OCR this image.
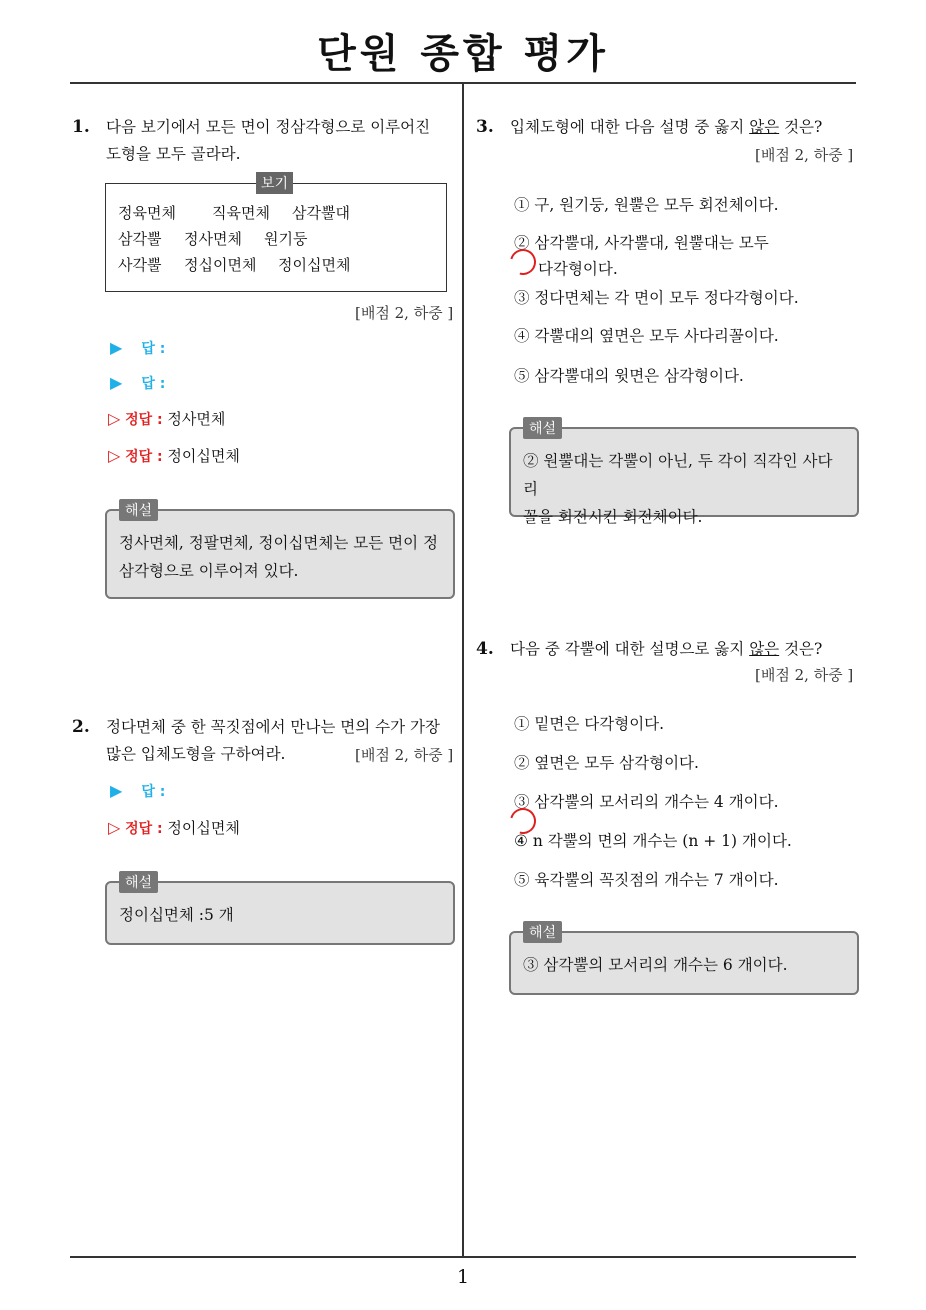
단원 종합 평가
1. 다음 보기에서 모든 면이 정삼각형으로 이루어진
도형을 모두 골라라.
보기
정육면체 직육면체 삼각뿔대
삼각뿔 정사면체 원기둥
사각뿔 정십이면체 정이십면체
[배점 2, 하중 ]
▶ 답 :
▶ 답 :
▷ 정답 : 정사면체
▷ 정답 : 정이십면체
해설
정사면체, 정팔면체, 정이십면체는 모든 면이 정
삼각형으로 이루어져 있다.
2. 정다면체 중 한 꼭짓점에서 만나는 면의 수가 가장
많은 입체도형을 구하여라.	[배점 2, 하중 ]
▶ 답 :
▷ 정답 : 정이십면체
해설
정이십면체 :5 개
3. 입체도형에 대한 다음 설명 중 옳지 않은 것은?
[배점 2, 하중 ]
① 구, 원기둥, 원뿔은 모두 회전체이다.
② 삼각뿔대, 사각뿔대, 원뿔대는 모두
다각형이다.
③ 정다면체는 각 면이 모두 정다각형이다.
④ 각뿔대의 옆면은 모두 사다리꼴이다.
⑤ 삼각뿔대의 윗면은 삼각형이다.
해설
② 원뿔대는 각뿔이 아닌, 두 각이 직각인 사다리
꼴을 회전시킨 회전체이다.
4. 다음 중 각뿔에 대한 설명으로 옳지 않은 것은?
[배점 2, 하중 ]
① 밑면은 다각형이다.
② 옆면은 모두 삼각형이다.
③ 삼각뿔의 모서리의 개수는 4 개이다.
④ n 각뿔의 면의 개수는 (n + 1) 개이다.
⑤ 육각뿔의 꼭짓점의 개수는 7 개이다.
해설
③ 삼각뿔의 모서리의 개수는 6 개이다.
1
